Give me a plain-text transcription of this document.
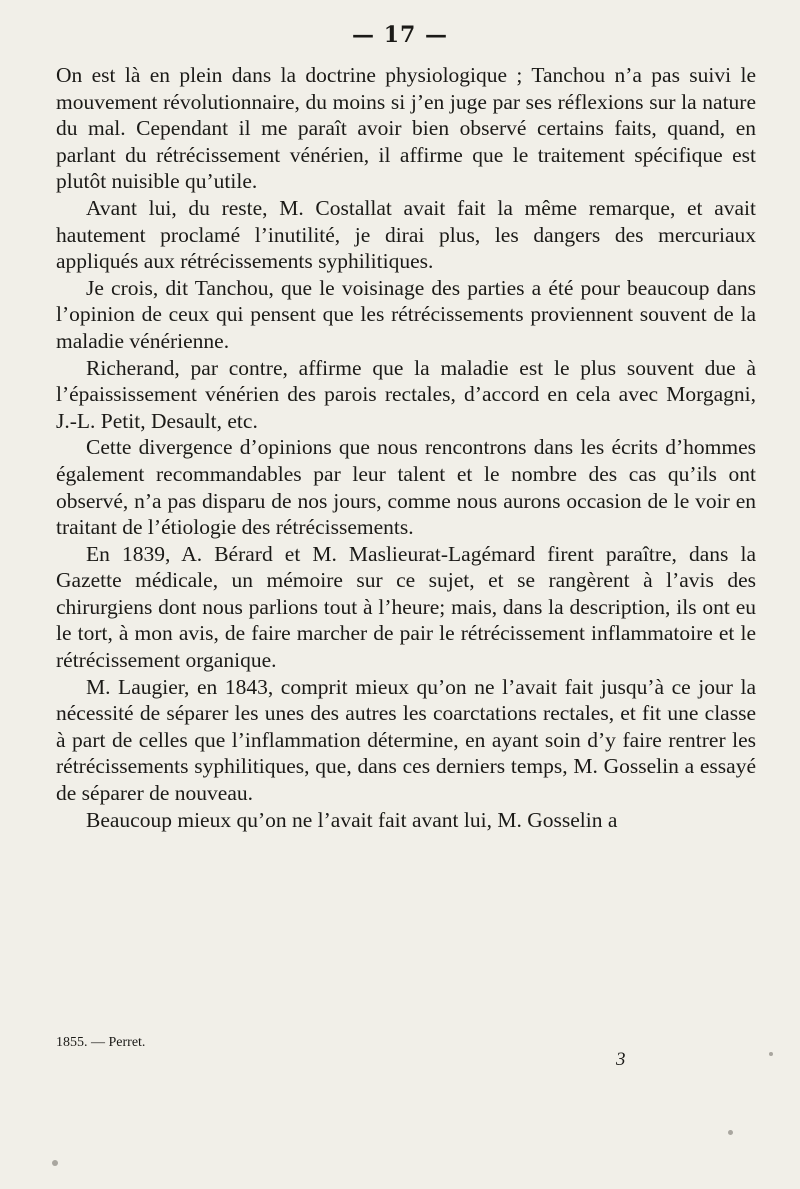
— 17 —

On est là en plein dans la doctrine physiologique ; Tanchou n’a pas suivi le mouvement révolutionnaire, du moins si j’en juge par ses réflexions sur la nature du mal. Cependant il me paraît avoir bien observé certains faits, quand, en parlant du rétrécissement vénérien, il affirme que le traitement spécifique est plutôt nuisible qu’utile.

Avant lui, du reste, M. Costallat avait fait la même remarque, et avait hautement proclamé l’inutilité, je dirai plus, les dangers des mercuriaux appliqués aux rétrécissements syphilitiques.

Je crois, dit Tanchou, que le voisinage des parties a été pour beaucoup dans l’opinion de ceux qui pensent que les rétrécissements proviennent souvent de la maladie vénérienne.

Richerand, par contre, affirme que la maladie est le plus souvent due à l’épaississement vénérien des parois rectales, d’accord en cela avec Morgagni, J.-L. Petit, Desault, etc.

Cette divergence d’opinions que nous rencontrons dans les écrits d’hommes également recommandables par leur talent et le nombre des cas qu’ils ont observé, n’a pas disparu de nos jours, comme nous aurons occasion de le voir en traitant de l’étiologie des rétrécissements.

En 1839, A. Bérard et M. Maslieurat-Lagémard firent paraître, dans la Gazette médicale, un mémoire sur ce sujet, et se rangèrent à l’avis des chirurgiens dont nous parlions tout à l’heure; mais, dans la description, ils ont eu le tort, à mon avis, de faire marcher de pair le rétrécissement inflammatoire et le rétrécissement organique.

M. Laugier, en 1843, comprit mieux qu’on ne l’avait fait jusqu’à ce jour la nécessité de séparer les unes des autres les coarctations rectales, et fit une classe à part de celles que l’inflammation détermine, en ayant soin d’y faire rentrer les rétrécissements syphilitiques, que, dans ces derniers temps, M. Gosselin a essayé de séparer de nouveau.

Beaucoup mieux qu’on ne l’avait fait avant lui, M. Gosselin a

1855. — Perret.
3
